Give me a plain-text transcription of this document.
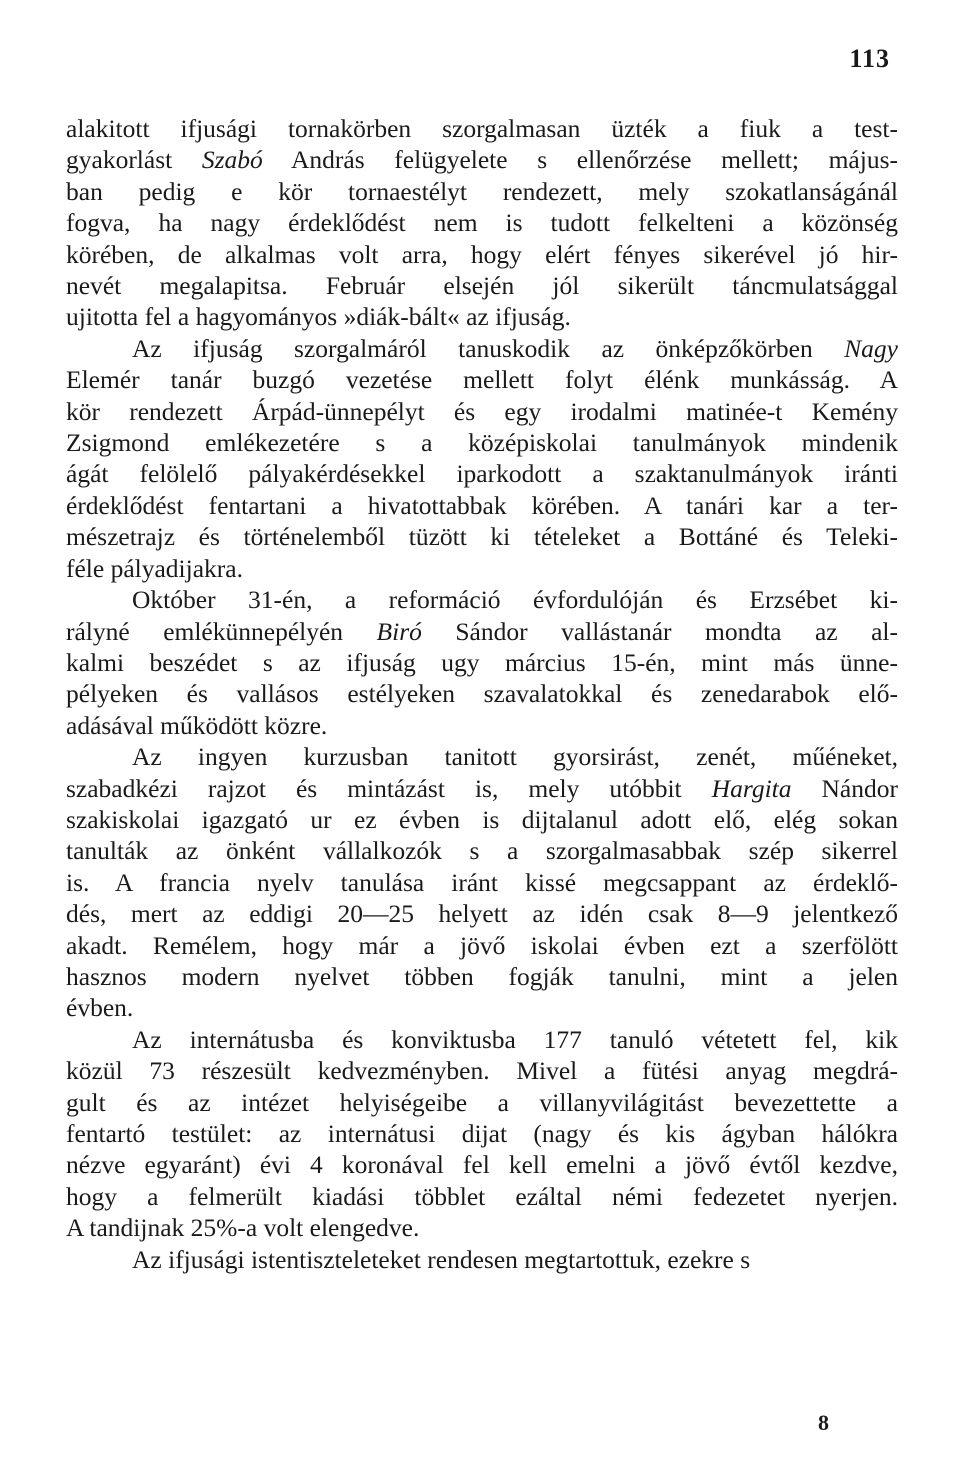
113
alakitott ifjusági tornakörben szorgalmasan üzték a fiuk a test-
gyakorlást Szabó András felügyelete s ellenőrzése mellett; május-
ban pedig e kör tornaestélyt rendezett, mely szokatlanságánál
fogva, ha nagy érdeklődést nem is tudott felkelteni a közönség
körében, de alkalmas volt arra, hogy elért fényes sikerével jó hir-
nevét megalapitsa. Február elsején jól sikerült táncmulatsággal
ujitotta fel a hagyományos »diák-bált« az ifjuság.
Az ifjuság szorgalmáról tanuskodik az önképzőkörben Nagy
Elemér tanár buzgó vezetése mellett folyt élénk munkásság. A
kör rendezett Árpád-ünnepélyt és egy irodalmi matinée-t Kemény
Zsigmond emlékezetére s a középiskolai tanulmányok mindenik
ágát felölelő pályakérdésekkel iparkodott a szaktanulmányok iránti
érdeklődést fentartani a hivatottabbak körében. A tanári kar a ter-
mészetrajz és történelemből tüzött ki tételeket a Bottáné és Teleki-
féle pályadijakra.
Október 31-én, a reformáció évfordulóján és Erzsébet ki-
rályné emlékünnepélyén Biró Sándor vallástanár mondta az al-
kalmi beszédet s az ifjuság ugy március 15-én, mint más ünne-
pélyeken és vallásos estélyeken szavalatokkal és zenedarabok elő-
adásával működött közre.
Az ingyen kurzusban tanitott gyorsirást, zenét, műéneket,
szabadkézi rajzot és mintázást is, mely utóbbit Hargita Nándor
szakiskolai igazgató ur ez évben is dijtalanul adott elő, elég sokan
tanulták az önként vállalkozók s a szorgalmasabbak szép sikerrel
is. A francia nyelv tanulása iránt kissé megcsappant az érdeklő-
dés, mert az eddigi 20—25 helyett az idén csak 8—9 jelentkező
akadt. Remélem, hogy már a jövő iskolai évben ezt a szerfölött
hasznos modern nyelvet többen fogják tanulni, mint a jelen
évben.
Az internátusba és konviktusba 177 tanuló vétetett fel, kik
közül 73 részesült kedvezményben. Mivel a fütési anyag megdrá-
gult és az intézet helyiségeibe a villanyvilágitást bevezettette a
fentartó testület: az internátusi dijat (nagy és kis ágyban hálókra
nézve egyaránt) évi 4 koronával fel kell emelni a jövő évtől kezdve,
hogy a felmerült kiadási többlet ezáltal némi fedezetet nyerjen.
A tandijnak 25%-a volt elengedve.
Az ifjusági istentiszteleteket rendesen megtartottuk, ezekre s
8
